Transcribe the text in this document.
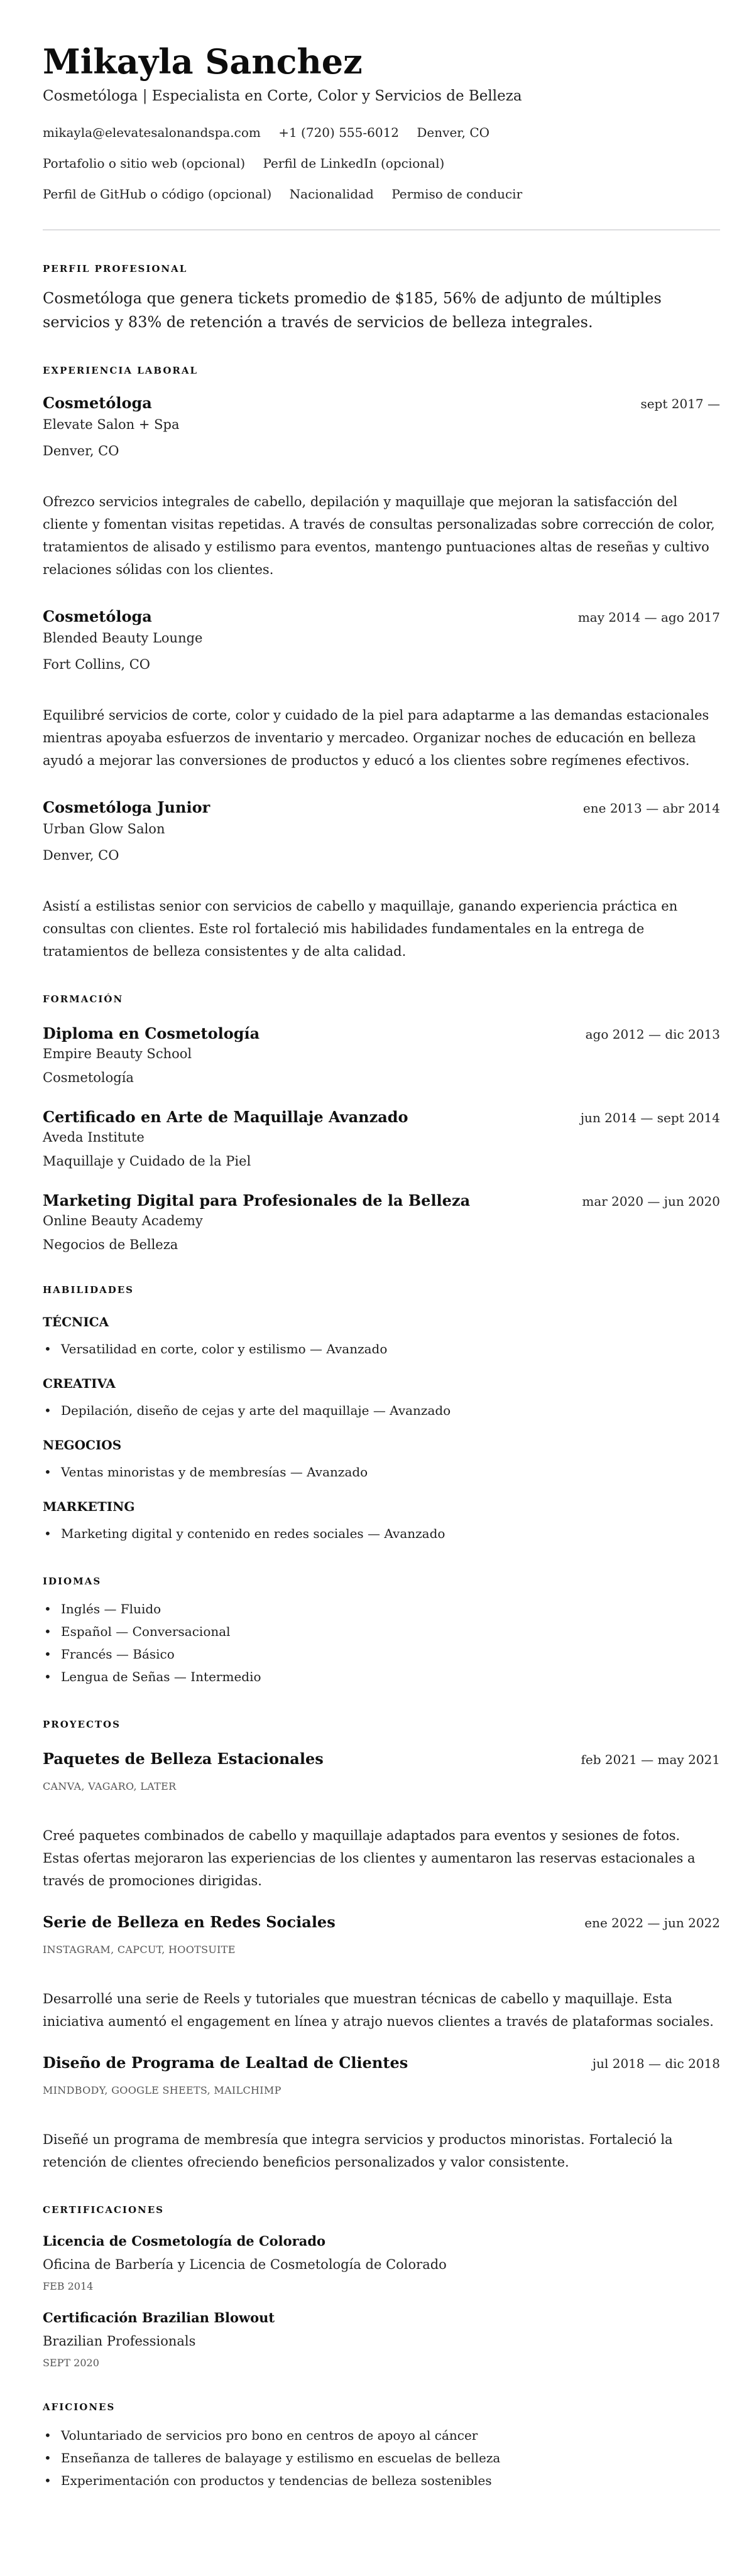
Mikayla Sanchez
Cosmetóloga | Especialista en Corte, Color y Servicios de Belleza
mikayla@elevatesalonandspa.com +1 (720) 555-6012 Denver, CO
Portafolio o sitio web (opcional) Perfil de LinkedIn (opcional)
Perfil de GitHub o código (opcional) Nacionalidad Permiso de conducir
PERFIL PROFESIONAL
Cosmetóloga que genera tickets promedio de $185, 56% de adjunto de múltiples servicios y 83% de retención a través de servicios de belleza integrales.
EXPERIENCIA LABORAL
Cosmetóloga	sept 2017 —
Elevate Salon + Spa
Denver, CO
Ofrezco servicios integrales de cabello, depilación y maquillaje que mejoran la satisfacción del cliente y fomentan visitas repetidas. A través de consultas personalizadas sobre corrección de color, tratamientos de alisado y estilismo para eventos, mantengo puntuaciones altas de reseñas y cultivo relaciones sólidas con los clientes.
Cosmetóloga	may 2014 — ago 2017
Blended Beauty Lounge
Fort Collins, CO
Equilibré servicios de corte, color y cuidado de la piel para adaptarme a las demandas estacionales mientras apoyaba esfuerzos de inventario y mercadeo. Organizar noches de educación en belleza ayudó a mejorar las conversiones de productos y educó a los clientes sobre regímenes efectivos.
Cosmetóloga Junior	ene 2013 — abr 2014
Urban Glow Salon
Denver, CO
Asistí a estilistas senior con servicios de cabello y maquillaje, ganando experiencia práctica en consultas con clientes. Este rol fortaleció mis habilidades fundamentales en la entrega de tratamientos de belleza consistentes y de alta calidad.
FORMACIÓN
Diploma en Cosmetología	ago 2012 — dic 2013
Empire Beauty School
Cosmetología
Certificado en Arte de Maquillaje Avanzado	jun 2014 — sept 2014
Aveda Institute
Maquillaje y Cuidado de la Piel
Marketing Digital para Profesionales de la Belleza	mar 2020 — jun 2020
Online Beauty Academy
Negocios de Belleza
HABILIDADES
TÉCNICA
• Versatilidad en corte, color y estilismo — Avanzado
CREATIVA
• Depilación, diseño de cejas y arte del maquillaje — Avanzado
NEGOCIOS
• Ventas minoristas y de membresías — Avanzado
MARKETING
• Marketing digital y contenido en redes sociales — Avanzado
IDIOMAS
• Inglés — Fluido
• Español — Conversacional
• Francés — Básico
• Lengua de Señas — Intermedio
PROYECTOS
Paquetes de Belleza Estacionales	feb 2021 — may 2021
CANVA, VAGARO, LATER
Creé paquetes combinados de cabello y maquillaje adaptados para eventos y sesiones de fotos. Estas ofertas mejoraron las experiencias de los clientes y aumentaron las reservas estacionales a través de promociones dirigidas.
Serie de Belleza en Redes Sociales	ene 2022 — jun 2022
INSTAGRAM, CAPCUT, HOOTSUITE
Desarrollé una serie de Reels y tutoriales que muestran técnicas de cabello y maquillaje. Esta iniciativa aumentó el engagement en línea y atrajo nuevos clientes a través de plataformas sociales.
Diseño de Programa de Lealtad de Clientes	jul 2018 — dic 2018
MINDBODY, GOOGLE SHEETS, MAILCHIMP
Diseñé un programa de membresía que integra servicios y productos minoristas. Fortaleció la retención de clientes ofreciendo beneficios personalizados y valor consistente.
CERTIFICACIONES
Licencia de Cosmetología de Colorado
Oficina de Barbería y Licencia de Cosmetología de Colorado
FEB 2014
Certificación Brazilian Blowout
Brazilian Professionals
SEPT 2020
AFICIONES
• Voluntariado de servicios pro bono en centros de apoyo al cáncer
• Enseñanza de talleres de balayage y estilismo en escuelas de belleza
• Experimentación con productos y tendencias de belleza sostenibles
